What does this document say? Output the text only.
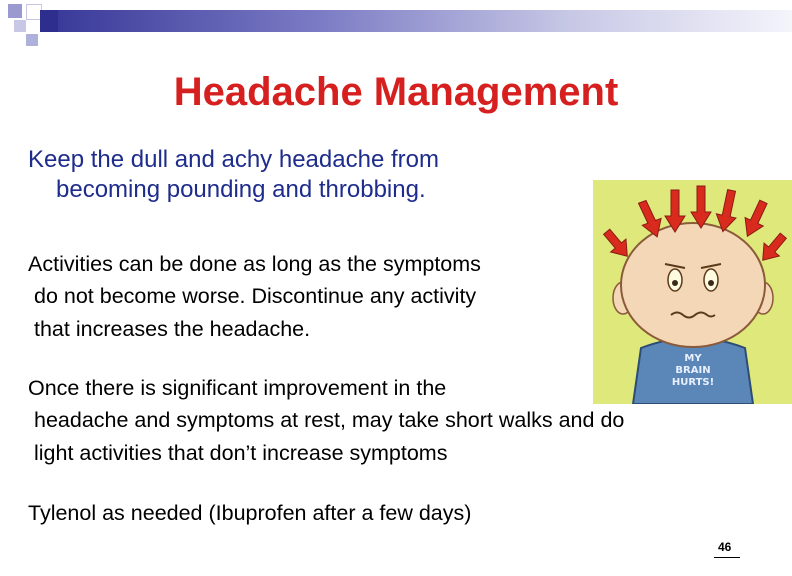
Headache Management

Keep the dull and achy headache from
becoming pounding and throbbing.

Activities can be done as long as the symptoms
do not become worse. Discontinue any activity
that increases the headache.

Once there is significant improvement in the
headache and symptoms at rest, may take short walks and do
light activities that don’t increase symptoms

Tylenol as needed (Ibuprofen after a few days)

MY
BRAIN
HURTS!
46
